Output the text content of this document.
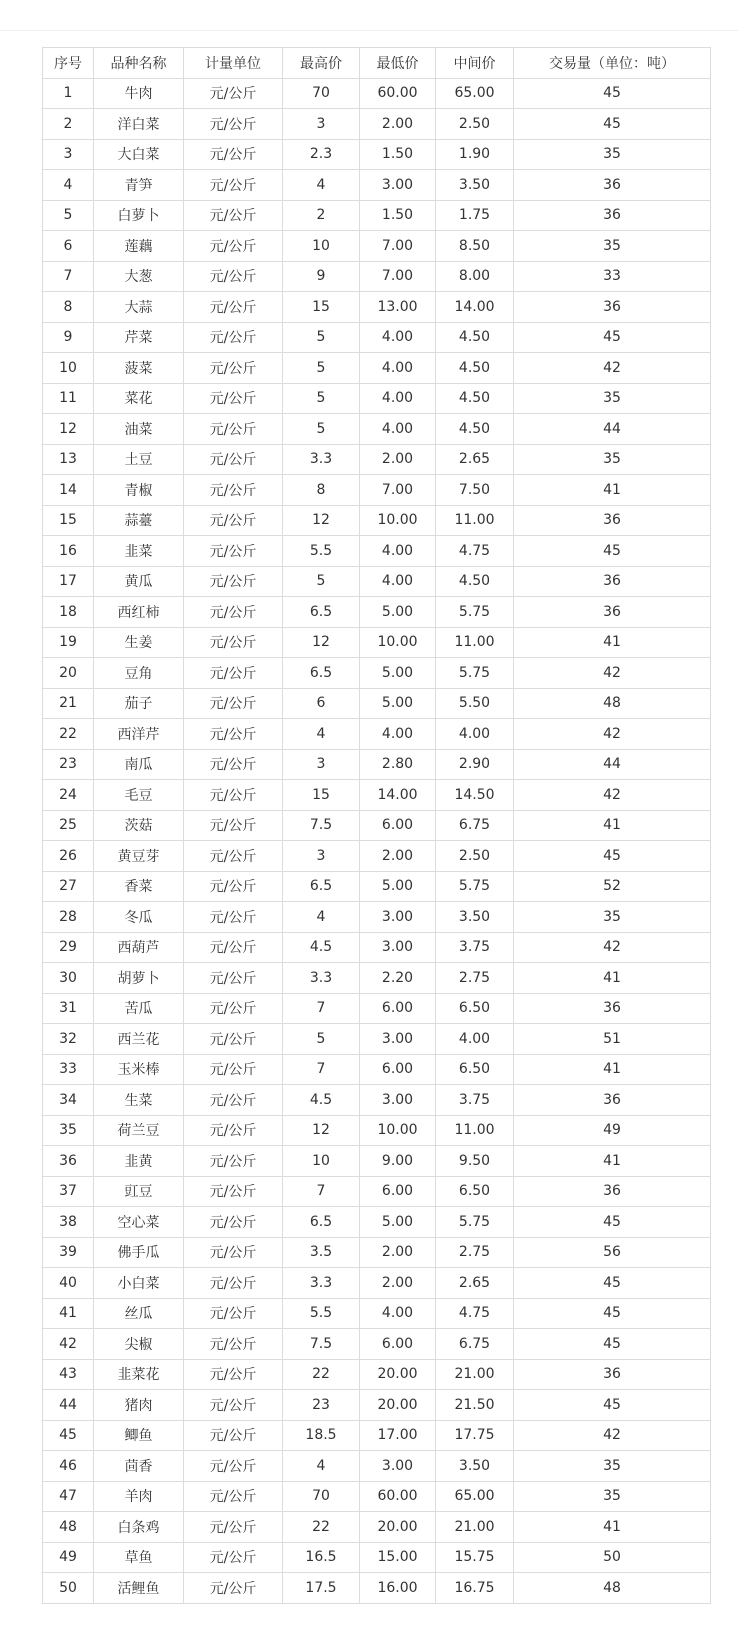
序号	品种名称	计量单位	最高价	最低价	中间价	交易量（单位：吨）
1	牛肉	元/公斤	70	60.00	65.00	45
2	洋白菜	元/公斤	3	2.00	2.50	45
3	大白菜	元/公斤	2.3	1.50	1.90	35
4	青笋	元/公斤	4	3.00	3.50	36
5	白萝卜	元/公斤	2	1.50	1.75	36
6	莲藕	元/公斤	10	7.00	8.50	35
7	大葱	元/公斤	9	7.00	8.00	33
8	大蒜	元/公斤	15	13.00	14.00	36
9	芹菜	元/公斤	5	4.00	4.50	45
10	菠菜	元/公斤	5	4.00	4.50	42
11	菜花	元/公斤	5	4.00	4.50	35
12	油菜	元/公斤	5	4.00	4.50	44
13	土豆	元/公斤	3.3	2.00	2.65	35
14	青椒	元/公斤	8	7.00	7.50	41
15	蒜薹	元/公斤	12	10.00	11.00	36
16	韭菜	元/公斤	5.5	4.00	4.75	45
17	黄瓜	元/公斤	5	4.00	4.50	36
18	西红柿	元/公斤	6.5	5.00	5.75	36
19	生姜	元/公斤	12	10.00	11.00	41
20	豆角	元/公斤	6.5	5.00	5.75	42
21	茄子	元/公斤	6	5.00	5.50	48
22	西洋芹	元/公斤	4	4.00	4.00	42
23	南瓜	元/公斤	3	2.80	2.90	44
24	毛豆	元/公斤	15	14.00	14.50	42
25	茨菇	元/公斤	7.5	6.00	6.75	41
26	黄豆芽	元/公斤	3	2.00	2.50	45
27	香菜	元/公斤	6.5	5.00	5.75	52
28	冬瓜	元/公斤	4	3.00	3.50	35
29	西葫芦	元/公斤	4.5	3.00	3.75	42
30	胡萝卜	元/公斤	3.3	2.20	2.75	41
31	苦瓜	元/公斤	7	6.00	6.50	36
32	西兰花	元/公斤	5	3.00	4.00	51
33	玉米棒	元/公斤	7	6.00	6.50	41
34	生菜	元/公斤	4.5	3.00	3.75	36
35	荷兰豆	元/公斤	12	10.00	11.00	49
36	韭黄	元/公斤	10	9.00	9.50	41
37	豇豆	元/公斤	7	6.00	6.50	36
38	空心菜	元/公斤	6.5	5.00	5.75	45
39	佛手瓜	元/公斤	3.5	2.00	2.75	56
40	小白菜	元/公斤	3.3	2.00	2.65	45
41	丝瓜	元/公斤	5.5	4.00	4.75	45
42	尖椒	元/公斤	7.5	6.00	6.75	45
43	韭菜花	元/公斤	22	20.00	21.00	36
44	猪肉	元/公斤	23	20.00	21.50	45
45	鲫鱼	元/公斤	18.5	17.00	17.75	42
46	茴香	元/公斤	4	3.00	3.50	35
47	羊肉	元/公斤	70	60.00	65.00	35
48	白条鸡	元/公斤	22	20.00	21.00	41
49	草鱼	元/公斤	16.5	15.00	15.75	50
50	活鲤鱼	元/公斤	17.5	16.00	16.75	48
